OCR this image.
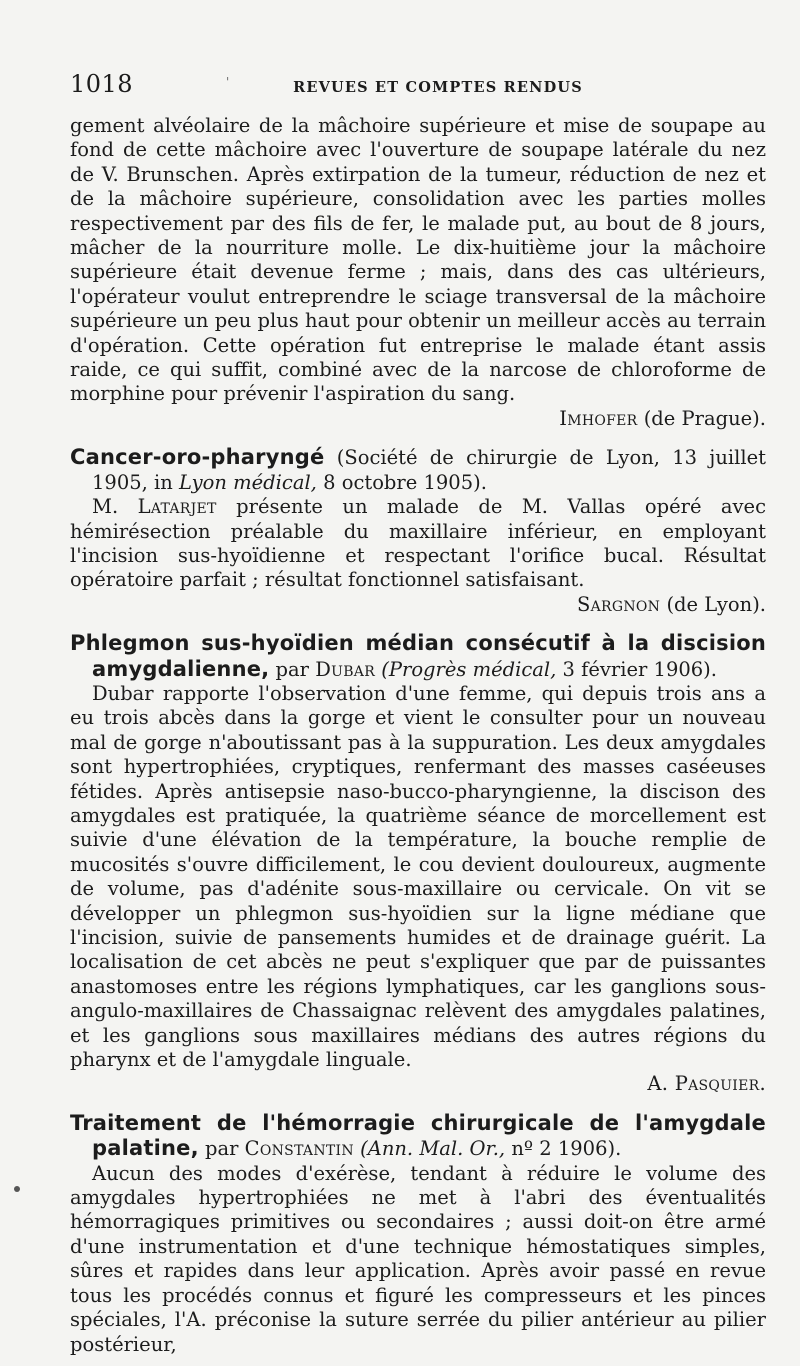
'
1018	REVUES ET COMPTES RENDUS

gement alvéolaire de la mâchoire supérieure et mise de soupape au fond de cette mâchoire avec l'ouverture de soupape latérale du nez de V. Brunschen. Après extirpation de la tumeur, réduction de nez et de la mâchoire supérieure, consolidation avec les parties molles respectivement par des fils de fer, le malade put, au bout de 8 jours, mâcher de la nourriture molle. Le dix-huitième jour la mâchoire supérieure était devenue ferme ; mais, dans des cas ultérieurs, l'opérateur voulut entreprendre le sciage transversal de la mâchoire supérieure un peu plus haut pour obtenir un meilleur accès au terrain d'opération. Cette opération fut entreprise le malade étant assis raide, ce qui suffit, combiné avec de la narcose de chloroforme de morphine pour prévenir l'aspiration du sang.
Imhofer (de Prague).

Cancer-oro-pharyngé (Société de chirurgie de Lyon, 13 juillet 1905, in Lyon médical, 8 octobre 1905).

M. Latarjet présente un malade de M. Vallas opéré avec hémirésection préalable du maxillaire inférieur, en employant l'incision sus-hyoïdienne et respectant l'orifice bucal. Résultat opératoire parfait ; résultat fonctionnel satisfaisant.
Sargnon (de Lyon).

Phlegmon sus-hyoïdien médian consécutif à la discision amygdalienne, par Dubar (Progrès médical, 3 février 1906).

Dubar rapporte l'observation d'une femme, qui depuis trois ans a eu trois abcès dans la gorge et vient le consulter pour un nouveau mal de gorge n'aboutissant pas à la suppuration. Les deux amygdales sont hypertrophiées, cryptiques, renfermant des masses caséeuses fétides. Après antisepsie naso-bucco-pharyngienne, la discison des amygdales est pratiquée, la quatrième séance de morcellement est suivie d'une élévation de la température, la bouche remplie de mucosités s'ouvre difficilement, le cou devient douloureux, augmente de volume, pas d'adénite sous-maxillaire ou cervicale. On vit se développer un phlegmon sus-hyoïdien sur la ligne médiane que l'incision, suivie de pansements humides et de drainage guérit. La localisation de cet abcès ne peut s'expliquer que par de puissantes anastomoses entre les régions lymphatiques, car les ganglions sous-angulo-maxillaires de Chassaignac relèvent des amygdales palatines, et les ganglions sous maxillaires médians des autres régions du pharynx et de l'amygdale linguale.
A. Pasquier.

Traitement de l'hémorragie chirurgicale de l'amygdale palatine, par Constantin (Ann. Mal. Or., nº 2 1906).

Aucun des modes d'exérèse, tendant à réduire le volume des amygdales hypertrophiées ne met à l'abri des éventualités hémorragiques primitives ou secondaires ; aussi doit-on être armé d'une instrumentation et d'une technique hémostatiques simples, sûres et rapides dans leur application. Après avoir passé en revue tous les procédés connus et figuré les compresseurs et les pinces spéciales, l'A. préconise la suture serrée du pilier antérieur au pilier postérieur,
